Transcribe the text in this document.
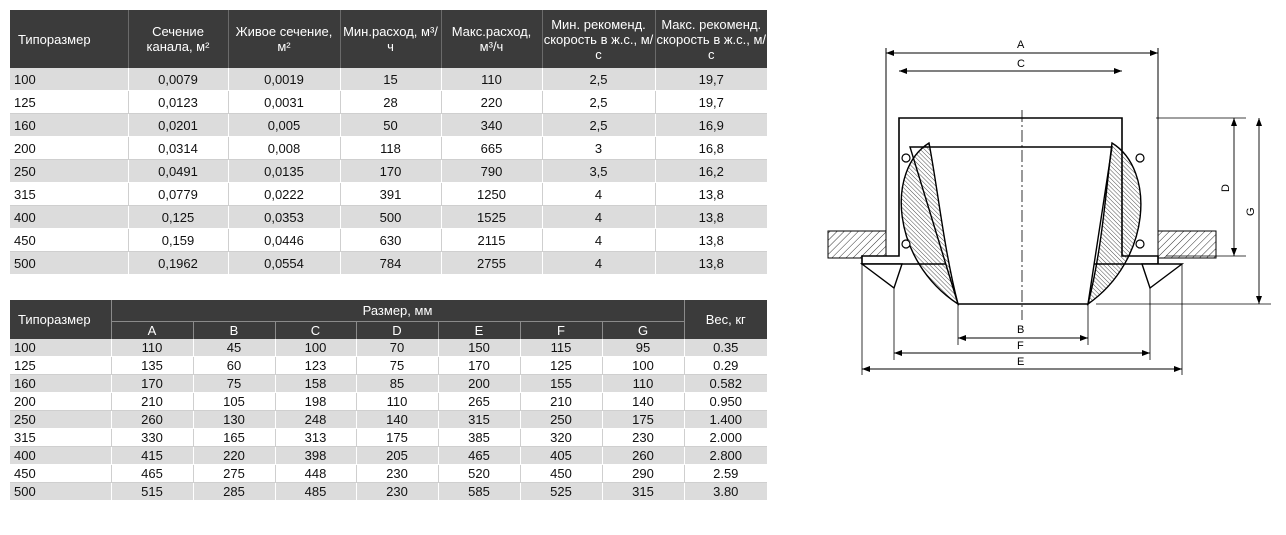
Типоразмер	Сечение канала, м²	Живое сечение, м²	Мин.расход, м³/ч	Макс.расход, м³/ч	Мин. рекоменд. скорость в ж.с., м/с	Макс. рекоменд. скорость в ж.с., м/с
100	0,0079	0,0019	15	110	2,5	19,7
125	0,0123	0,0031	28	220	2,5	19,7
160	0,0201	0,005	50	340	2,5	16,9
200	0,0314	0,008	118	665	3	16,8
250	0,0491	0,0135	170	790	3,5	16,2
315	0,0779	0,0222	391	1250	4	13,8
400	0,125	0,0353	500	1525	4	13,8
450	0,159	0,0446	630	2115	4	13,8
500	0,1962	0,0554	784	2755	4	13,8
Типоразмер	Размер, мм							Вес, кг
	A	B	C	D	E	F	G	
100	110	45	100	70	150	115	95	0.35
125	135	60	123	75	170	125	100	0.29
160	170	75	158	85	200	155	110	0.582
200	210	105	198	110	265	210	140	0.950
250	260	130	248	140	315	250	175	1.400
315	330	165	313	175	385	320	230	2.000
400	415	220	398	205	465	405	260	2.800
450	465	275	448	230	520	450	290	2.59
500	515	285	485	230	585	525	315	3.80
A
C
B
F
E
D
G
